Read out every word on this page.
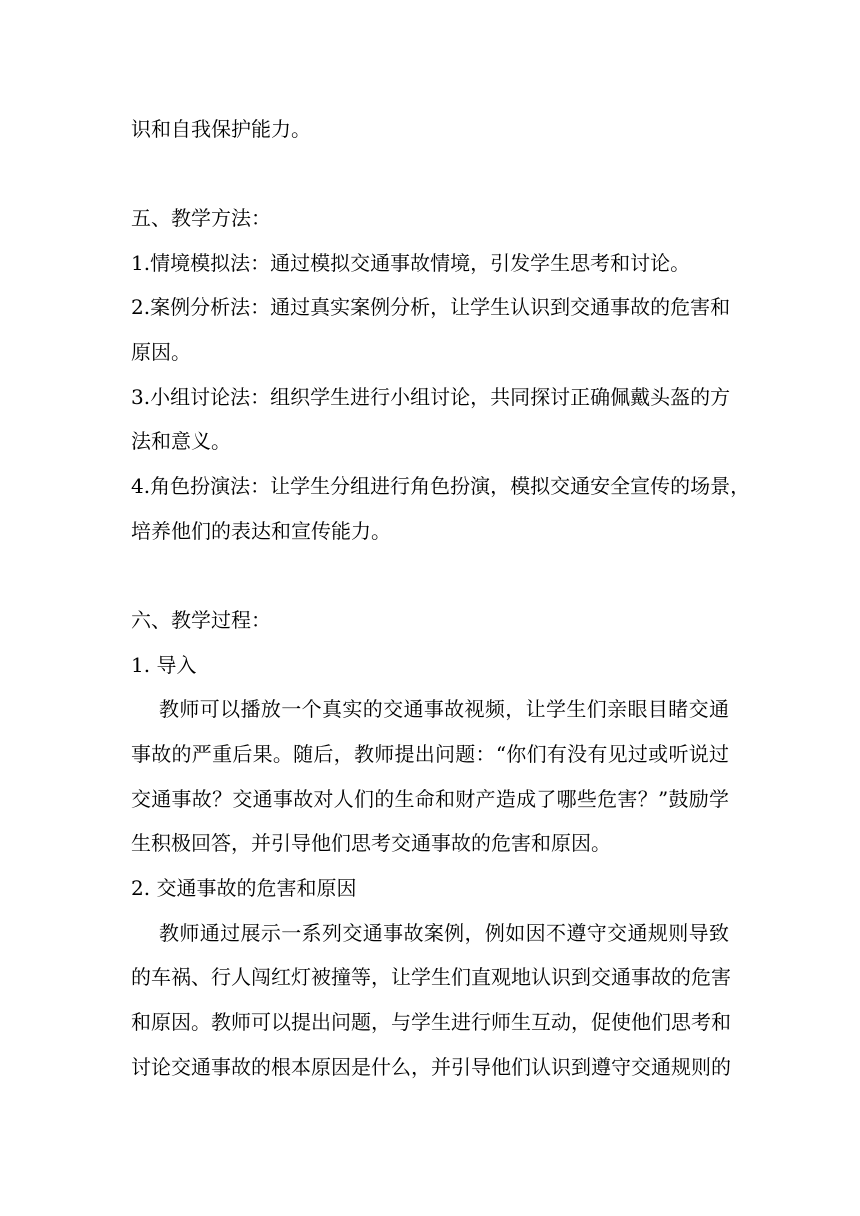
识和自我保护能力。
五、教学方法：
1.情境模拟法：通过模拟交通事故情境，引发学生思考和讨论。
2.案例分析法：通过真实案例分析，让学生认识到交通事故的危害和
原因。
3.小组讨论法：组织学生进行小组讨论，共同探讨正确佩戴头盔的方
法和意义。
4.角色扮演法：让学生分组进行角色扮演，模拟交通安全宣传的场景，
培养他们的表达和宣传能力。
六、教学过程：
1. 导入
教师可以播放一个真实的交通事故视频，让学生们亲眼目睹交通
事故的严重后果。随后，教师提出问题：“你们有没有见过或听说过
交通事故？交通事故对人们的生命和财产造成了哪些危害？”鼓励学
生积极回答，并引导他们思考交通事故的危害和原因。
2. 交通事故的危害和原因
教师通过展示一系列交通事故案例，例如因不遵守交通规则导致
的车祸、行人闯红灯被撞等，让学生们直观地认识到交通事故的危害
和原因。教师可以提出问题，与学生进行师生互动，促使他们思考和
讨论交通事故的根本原因是什么，并引导他们认识到遵守交通规则的
